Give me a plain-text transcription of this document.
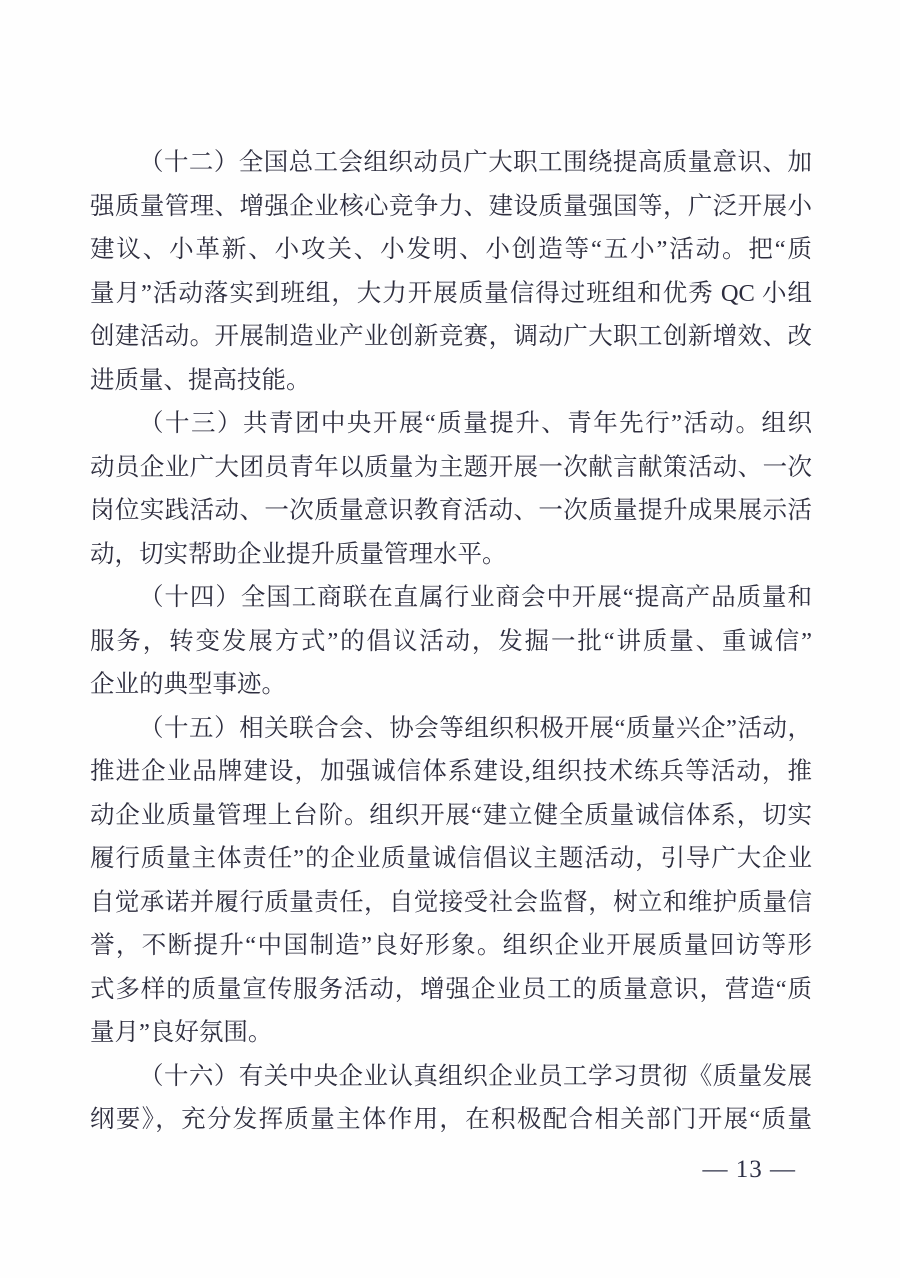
（十二）全国总工会组织动员广大职工围绕提高质量意识、加
强质量管理、增强企业核心竞争力、建设质量强国等，广泛开展小
建议、小革新、小攻关、小发明、小创造等“五小”活动。把“质
量月”活动落实到班组，大力开展质量信得过班组和优秀 QC 小组
创建活动。开展制造业产业创新竞赛，调动广大职工创新增效、改
进质量、提高技能。
（十三）共青团中央开展“质量提升、青年先行”活动。组织
动员企业广大团员青年以质量为主题开展一次献言献策活动、一次
岗位实践活动、一次质量意识教育活动、一次质量提升成果展示活
动，切实帮助企业提升质量管理水平。
（十四）全国工商联在直属行业商会中开展“提高产品质量和
服务，转变发展方式”的倡议活动，发掘一批“讲质量、重诚信”
企业的典型事迹。
（十五）相关联合会、协会等组织积极开展“质量兴企”活动，
推进企业品牌建设，加强诚信体系建设,组织技术练兵等活动，推
动企业质量管理上台阶。组织开展“建立健全质量诚信体系，切实
履行质量主体责任”的企业质量诚信倡议主题活动，引导广大企业
自觉承诺并履行质量责任，自觉接受社会监督，树立和维护质量信
誉，不断提升“中国制造”良好形象。组织企业开展质量回访等形
式多样的质量宣传服务活动，增强企业员工的质量意识，营造“质
量月”良好氛围。
（十六）有关中央企业认真组织企业员工学习贯彻《质量发展
纲要》，充分发挥质量主体作用，在积极配合相关部门开展“质量
— 13 —
